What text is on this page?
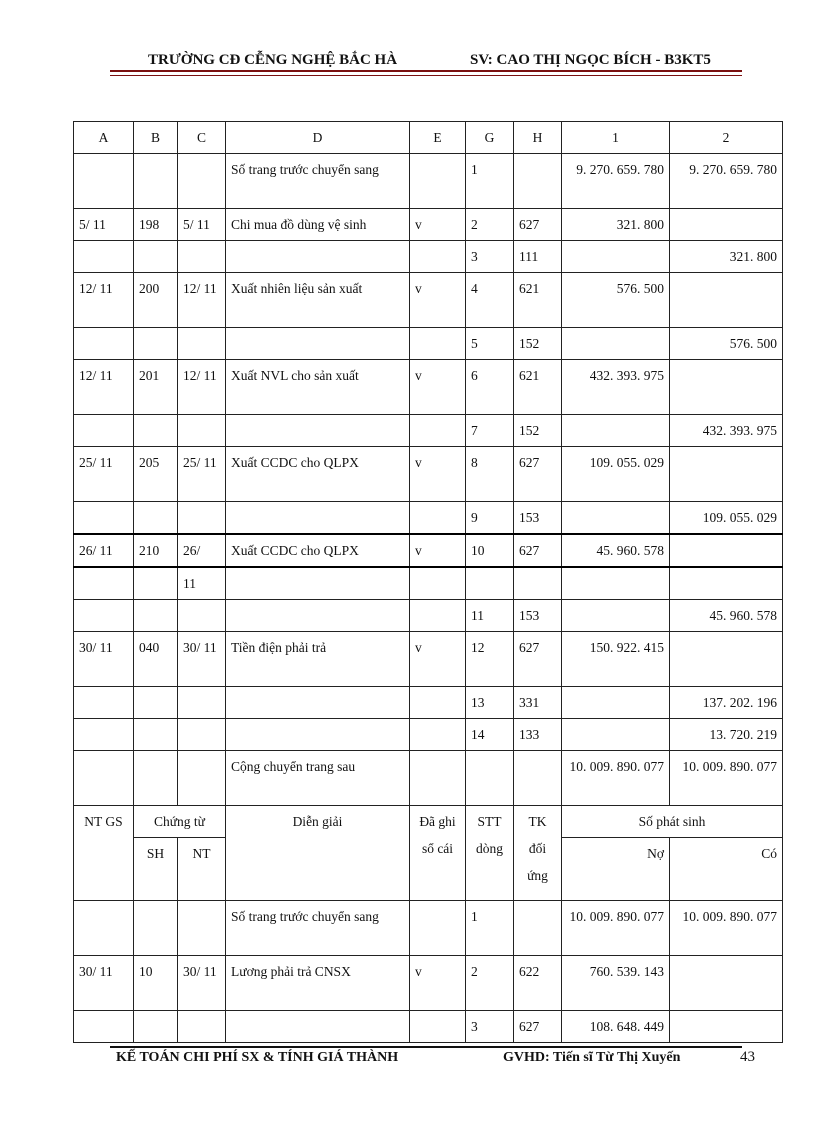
TRƯỜNG CĐ CỄNG NGHỆ BẮC HÀ	SV: CAO THỊ NGỌC BÍCH - B3KT5
A	B	C	D	E	G	H	1	2
			Số trang trước chuyển sang		1		9. 270. 659. 780	9. 270. 659. 780
5/ 11	198	5/ 11	Chi mua đồ dùng vệ sinh	v	2	627	321. 800	
					3	111		321. 800
12/ 11	200	12/ 11	Xuất nhiên liệu sản xuất	v	4	621	576. 500	
					5	152		576. 500
12/ 11	201	12/ 11	Xuất NVL cho sản xuất	v	6	621	432. 393. 975	
					7	152		432. 393. 975
25/ 11	205	25/ 11	Xuất CCDC cho QLPX	v	8	627	109. 055. 029	
					9	153		109. 055. 029
26/ 11	210	26/	Xuất CCDC cho QLPX	v	10	627	45. 960. 578	
		11						
					11	153		45. 960. 578
30/ 11	040	30/ 11	Tiền điện phải trả	v	12	627	150. 922. 415	
					13	331		137. 202. 196
					14	133		13. 720. 219
			Cộng chuyển trang sau				10. 009. 890. 077	10. 009. 890. 077
NT GS	Chứng từ		Diễn giải	Đã ghi sổ cái	STT dòng	TK đối ứng	Số phát sinh	
	SH	NT					Nợ	Có
			Số trang trước chuyển sang		1		10. 009. 890. 077	10. 009. 890. 077
30/ 11	10	30/ 11	Lương phải trả CNSX	v	2	622	760. 539. 143	
					3	627	108. 648. 449	
KẾ TOÁN CHI PHÍ SX & TÍNH GIÁ THÀNH	GVHD: Tiến sĩ Từ Thị Xuyến	43
